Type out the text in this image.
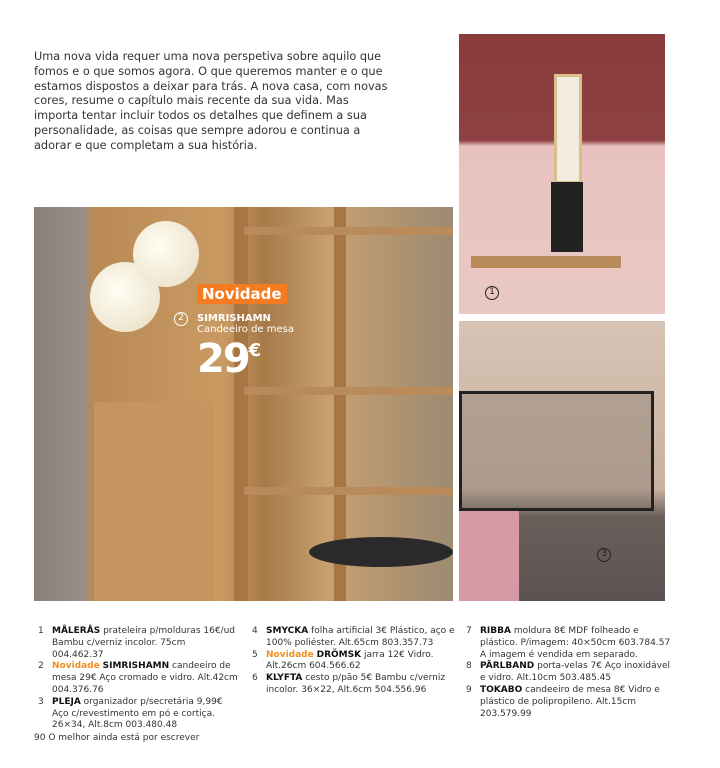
Uma nova vida requer uma nova perspetiva sobre aquilo que fomos e o que somos agora. O que queremos manter e o que estamos dispostos a deixar para trás. A nova casa, com novas cores, resume o capítulo mais recente da sua vida. Mas importa tentar incluir todos os detalhes que definem a sua personalidade, as coisas que sempre adorou e continua a adorar e que completam a sua história.

Novidade
2	SIMRISHAMN
Candeeiro de mesa
29€
1
3
1 MÅLERÅS prateleira p/molduras 16€/ud Bambu c/verniz incolor. 75cm 004.462.37
2 Novidade SIMRISHAMN candeeiro de mesa 29€ Aço cromado e vidro. Alt.42cm 004.376.76
3 PLEJA organizador p/secretária 9,99€ Aço c/revestimento em pó e cortiça. 26×34, Alt.8cm 003.480.48
4 SMYCKA folha artificial 3€ Plástico, aço e 100% poliéster. Alt.65cm 803.357.73
5 Novidade DRÖMSK jarra 12€ Vidro. Alt.26cm 604.566.62
6 KLYFTA cesto p/pão 5€ Bambu c/verniz incolor. 36×22, Alt.6cm 504.556.96
7 RIBBA moldura 8€ MDF folheado e plástico. P/imagem: 40×50cm 603.784.57 A imagem é vendida em separado.
8 PÄRLBAND porta-velas 7€ Aço inoxidável e vidro. Alt.10cm 503.485.45
9 TOKABO candeeiro de mesa 8€ Vidro e plástico de polipropileno. Alt.15cm 203.579.99
90 O melhor ainda está por escrever
